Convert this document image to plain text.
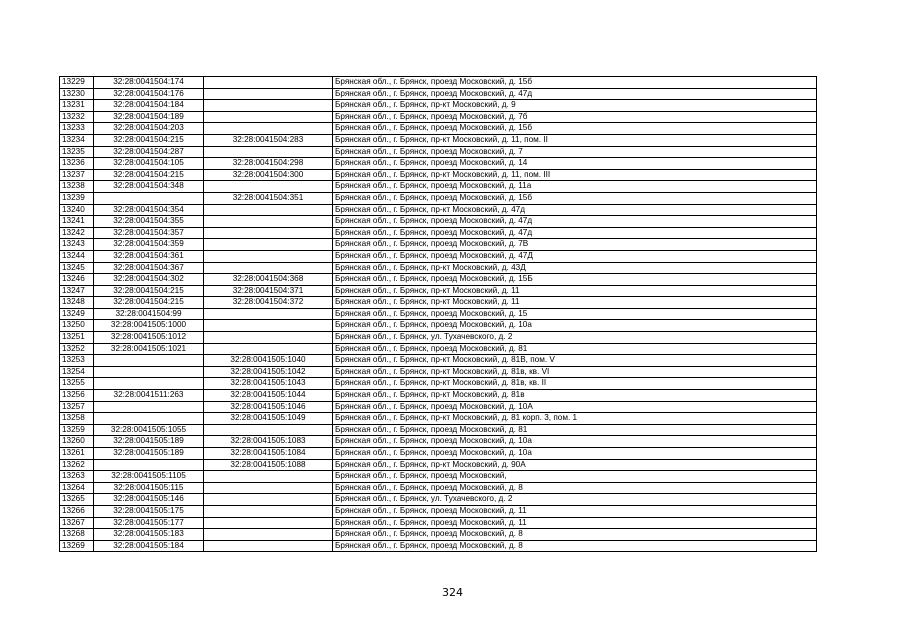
13229	32:28:0041504:174		Брянская обл., г. Брянск, проезд Московский, д. 15б
13230	32:28:0041504:176		Брянская обл., г. Брянск, проезд Московский, д. 47д
13231	32:28:0041504:184		Брянская обл., г. Брянск, пр-кт Московский, д. 9
13232	32:28:0041504:189		Брянская обл., г. Брянск, проезд Московский, д. 7б
13233	32:28:0041504:203		Брянская обл., г. Брянск, проезд Московский, д. 15б
13234	32:28:0041504:215	32:28:0041504:283	Брянская обл., г. Брянск, пр-кт Московский, д. 11, пом. II
13235	32:28:0041504:287		Брянская обл., г. Брянск, проезд Московский, д. 7
13236	32:28:0041504:105	32:28:0041504:298	Брянская обл., г. Брянск, проезд Московский, д. 14
13237	32:28:0041504:215	32:28:0041504:300	Брянская обл., г. Брянск, пр-кт Московский, д. 11, пом. III
13238	32:28:0041504:348		Брянская обл., г. Брянск, проезд Московский, д. 11а
13239		32:28:0041504:351	Брянская обл., г. Брянск, проезд Московский, д. 15б
13240	32:28:0041504:354		Брянская обл., г. Брянск, пр-кт Московский, д. 47д
13241	32:28:0041504:355		Брянская обл., г. Брянск, проезд Московский, д. 47д
13242	32:28:0041504:357		Брянская обл., г. Брянск, проезд Московский, д. 47д
13243	32:28:0041504:359		Брянская обл., г. Брянск, проезд Московский, д. 7В
13244	32:28:0041504:361		Брянская обл., г. Брянск, проезд Московский, д. 47Д
13245	32:28:0041504:367		Брянская обл., г. Брянск, пр-кт Московский, д. 43Д
13246	32:28:0041504:302	32:28:0041504:368	Брянская обл., г. Брянск, проезд Московский, д. 15Б
13247	32:28:0041504:215	32:28:0041504:371	Брянская обл., г. Брянск, пр-кт Московский, д. 11
13248	32:28:0041504:215	32:28:0041504:372	Брянская обл., г. Брянск, пр-кт Московский, д. 11
13249	32:28:0041504:99		Брянская обл., г. Брянск, проезд Московский, д. 15
13250	32:28:0041505:1000		Брянская обл., г. Брянск, проезд Московский, д. 10а
13251	32:28:0041505:1012		Брянская обл., г. Брянск, ул. Тухачевского, д. 2
13252	32:28:0041505:1021		Брянская обл., г. Брянск, проезд Московский, д. 81
13253		32:28:0041505:1040	Брянская обл., г. Брянск, пр-кт Московский, д. 81В, пом. V
13254		32:28:0041505:1042	Брянская обл., г. Брянск, пр-кт Московский, д. 81в, кв. VI
13255		32:28:0041505:1043	Брянская обл., г. Брянск, пр-кт Московский, д. 81в, кв. II
13256	32:28:0041511:263	32:28:0041505:1044	Брянская обл., г. Брянск, пр-кт Московский, д. 81в
13257		32:28:0041505:1046	Брянская обл., г. Брянск, проезд Московский, д. 10А
13258		32:28:0041505:1049	Брянская обл., г. Брянск, пр-кт Московский, д. 81 корп. 3, пом. 1
13259	32:28:0041505:1055		Брянская обл., г. Брянск, проезд Московский, д. 81
13260	32:28:0041505:189	32:28:0041505:1083	Брянская обл., г. Брянск, проезд Московский, д. 10а
13261	32:28:0041505:189	32:28:0041505:1084	Брянская обл., г. Брянск, проезд Московский, д. 10а
13262		32:28:0041505:1088	Брянская обл., г. Брянск, пр-кт Московский, д. 90А
13263	32:28:0041505:1105		Брянская обл., г. Брянск, проезд Московский,
13264	32:28:0041505:115		Брянская обл., г. Брянск, проезд Московский, д. 8
13265	32:28:0041505:146		Брянская обл., г. Брянск, ул. Тухачевского, д. 2
13266	32:28:0041505:175		Брянская обл., г. Брянск, проезд Московский, д. 11
13267	32:28:0041505:177		Брянская обл., г. Брянск, проезд Московский, д. 11
13268	32:28:0041505:183		Брянская обл., г. Брянск, проезд Московский, д. 8
13269	32:28:0041505:184		Брянская обл., г. Брянск, проезд Московский, д. 8
324
